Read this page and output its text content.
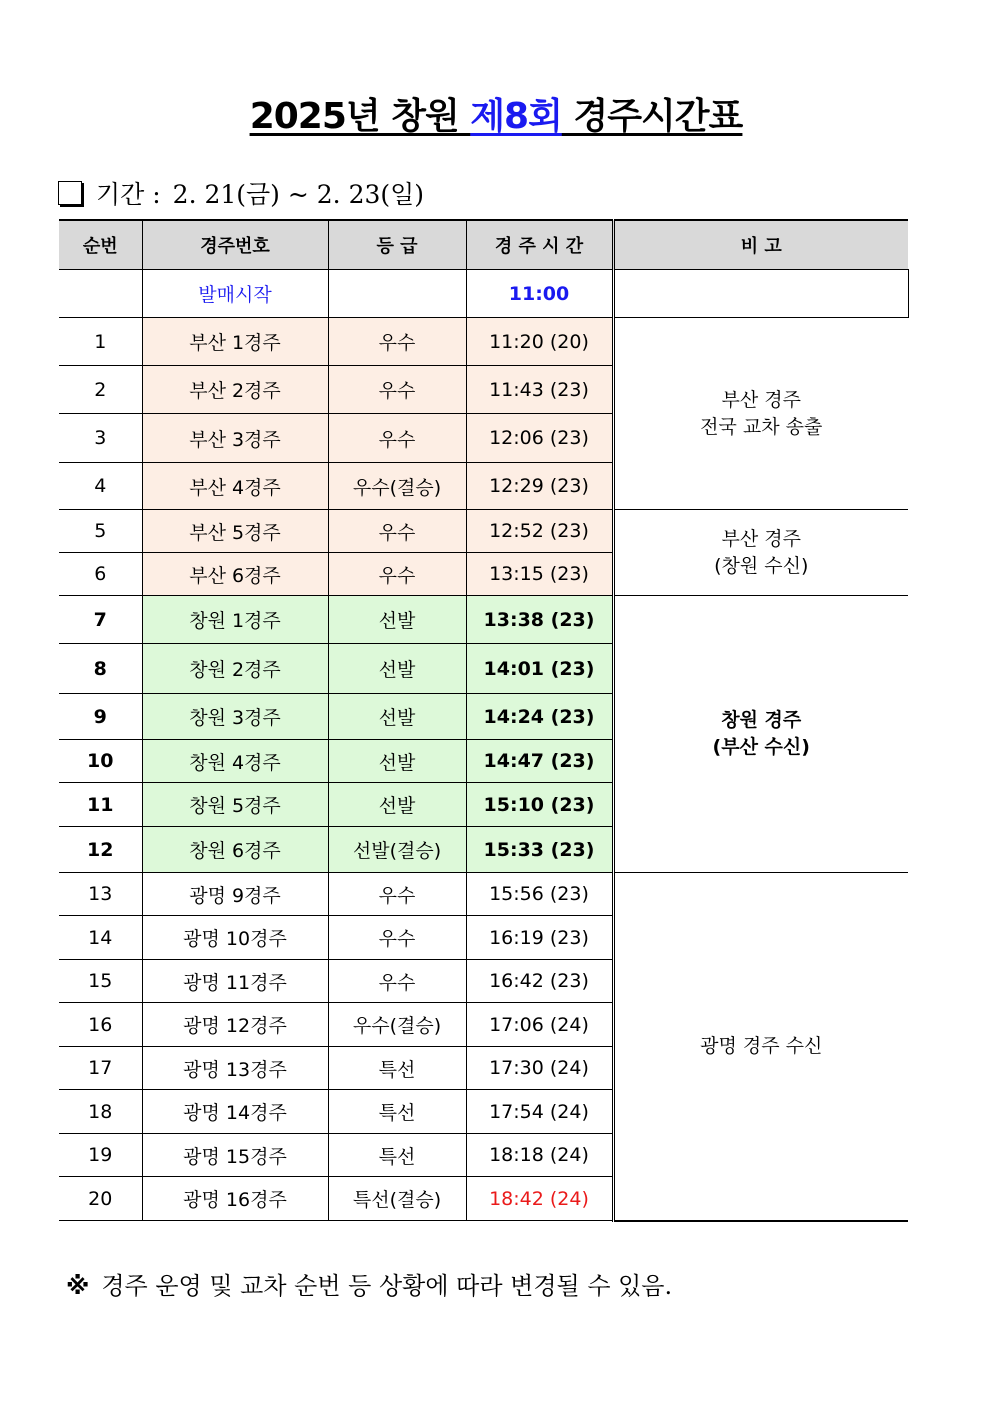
2025년 창원 제8회 경주시간표
기간 : 2. 21(금) ~ 2. 23(일)
순번	경주번호	등 급	경 주 시 간	비 고
	발매시작		11:00	
1	부산 1경주	우수	11:20 (20)	부산 경주
전국 교차 송출

2	부산 2경주	우수	11:43 (23)	
3	부산 3경주	우수	12:06 (23)	
4	부산 4경주	우수(결승)	12:29 (23)	
5	부산 5경주	우수	12:52 (23)	부산 경주
(창원 수신)

6	부산 6경주	우수	13:15 (23)	
7	창원 1경주	선발	13:38 (23)	창원 경주
(부산 수신)

8	창원 2경주	선발	14:01 (23)	
9	창원 3경주	선발	14:24 (23)	
10	창원 4경주	선발	14:47 (23)	
11	창원 5경주	선발	15:10 (23)	
12	창원 6경주	선발(결승)	15:33 (23)	
13	광명 9경주	우수	15:56 (23)	광명 경주 수신
14	광명 10경주	우수	16:19 (23)	
15	광명 11경주	우수	16:42 (23)	
16	광명 12경주	우수(결승)	17:06 (24)	
17	광명 13경주	특선	17:30 (24)	
18	광명 14경주	특선	17:54 (24)	
19	광명 15경주	특선	18:18 (24)	
20	광명 16경주	특선(결승)	18:42 (24)	
※ 경주 운영 및 교차 순번 등 상황에 따라 변경될 수 있음.
